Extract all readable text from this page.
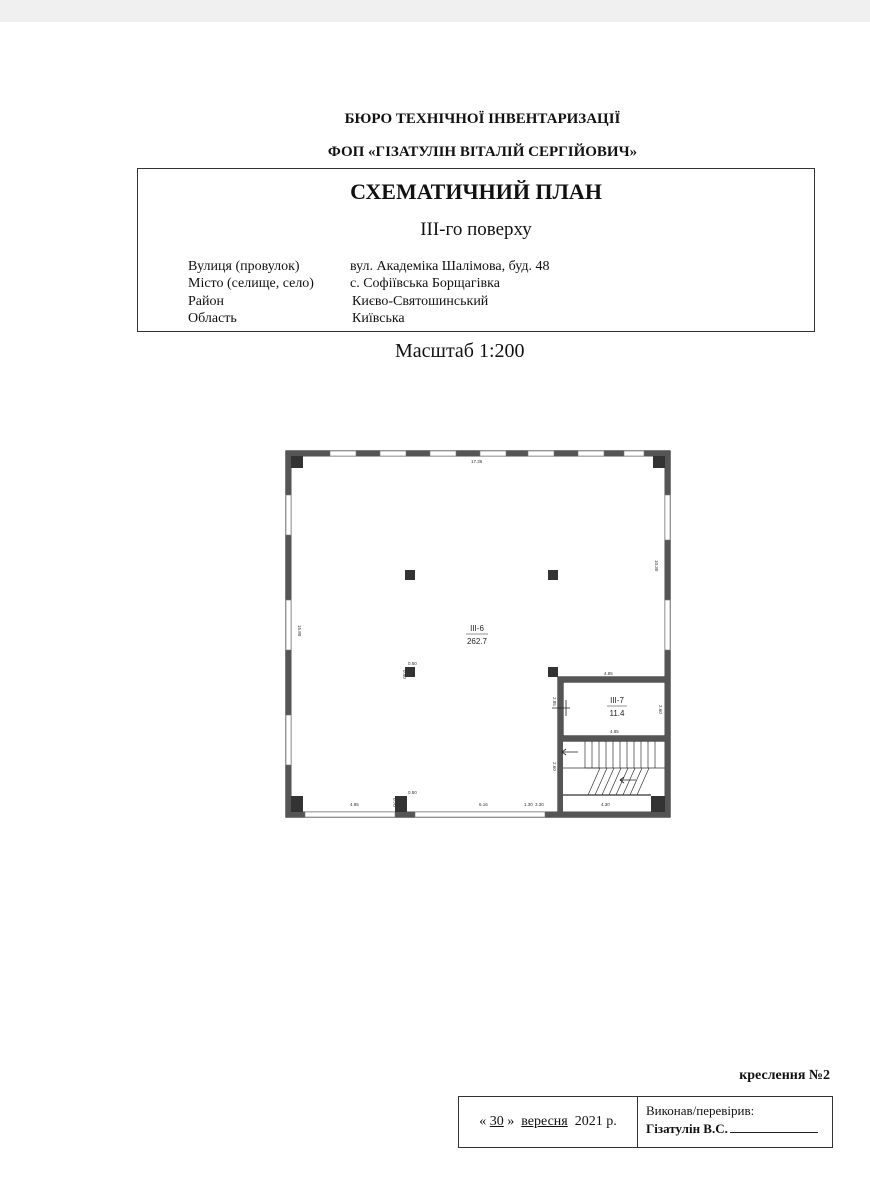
БЮРО ТЕХНІЧНОЇ ІНВЕНТАРИЗАЦІЇ
ФОП «ГІЗАТУЛІН ВІТАЛІЙ СЕРГІЙОВИЧ»
СХЕМАТИЧНИЙ ПЛАН
ІІІ-го поверху
Вулиця (провулок)	вул. Академіка Шалімова, буд. 48
Місто (селище, село)	с. Софіївська Борщагівка
Район	Києво-Святошинський
Область	Київська
Масштаб 1:200
17.36
15.80
10.30
4.85
4.85
2.85
2.60
2.60
4.85	0.70
0.50
6.16	1.30 3.30	4.30
0.50
0.50
ІІІ-6
262.7
ІІІ-7
11.4
креслення №2
« 30 » вересня
2021 р.
Виконав/перевірив:
Гізатулін В.С.
